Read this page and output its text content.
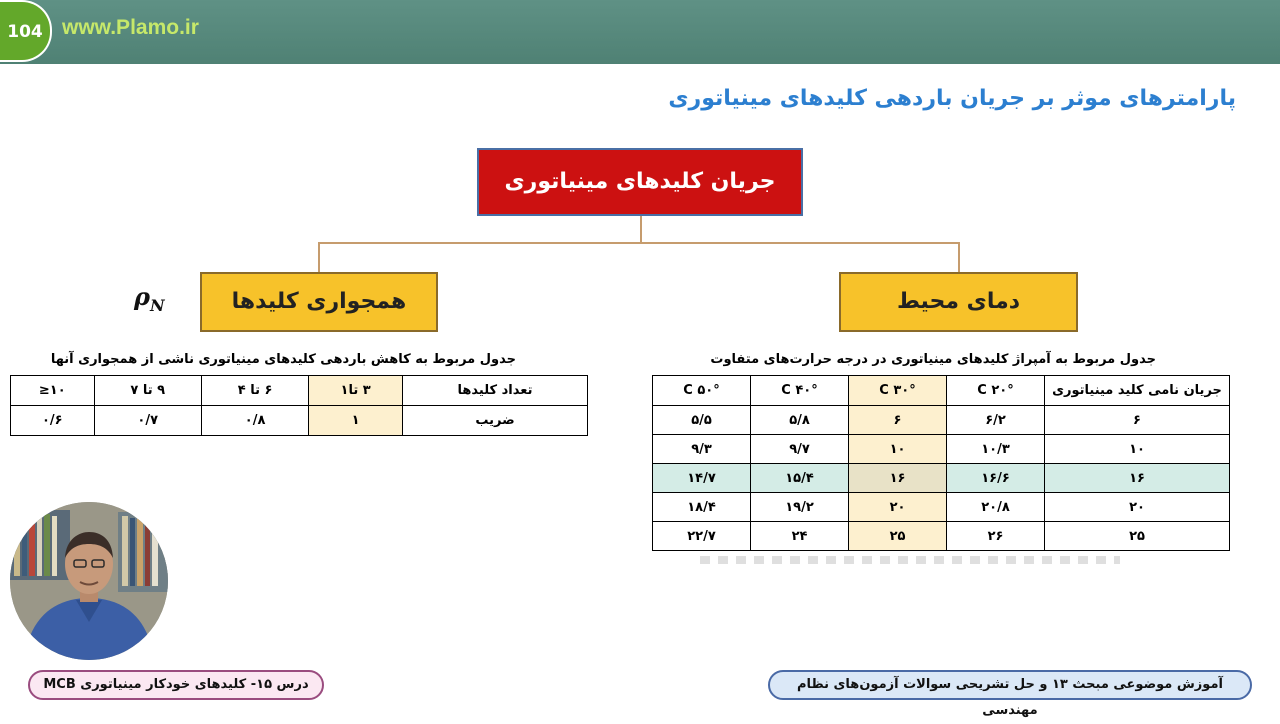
104 www.Plamo.ir
پارامترهای موثر بر جریان باردهی کلیدهای مینیاتوری
جریان کلیدهای مینیاتوری
همجواری کلیدها	دمای محیط
$\rho_N$
جدول مربوط به کاهش باردهی کلیدهای مینیاتوری ناشی از همجواری آنها
تعداد کلیدها	۳ تا۱	۶ تا ۴	۹ تا ۷	۱۰≤
ضریب	۱	۰/۸	۰/۷	۰/۶
جدول مربوط به آمپراژ کلیدهای مینیاتوری در درجه حرارت‌های متفاوت
جریان نامی کلید مینیاتوری	۲۰° C	۳۰° C	۴۰° C	۵۰° C
۶	۶/۲	۶	۵/۸	۵/۵
۱۰	۱۰/۳	۱۰	۹/۷	۹/۳
۱۶	۱۶/۶	۱۶	۱۵/۴	۱۴/۷
۲۰	۲۰/۸	۲۰	۱۹/۲	۱۸/۴
۲۵	۲۶	۲۵	۲۴	۲۲/۷
درس ۱۵- کلیدهای خودکار مینیاتوری MCB	آموزش موضوعی مبحث ۱۳ و حل تشریحی سوالات آزمون‌های نظام مهندسی
